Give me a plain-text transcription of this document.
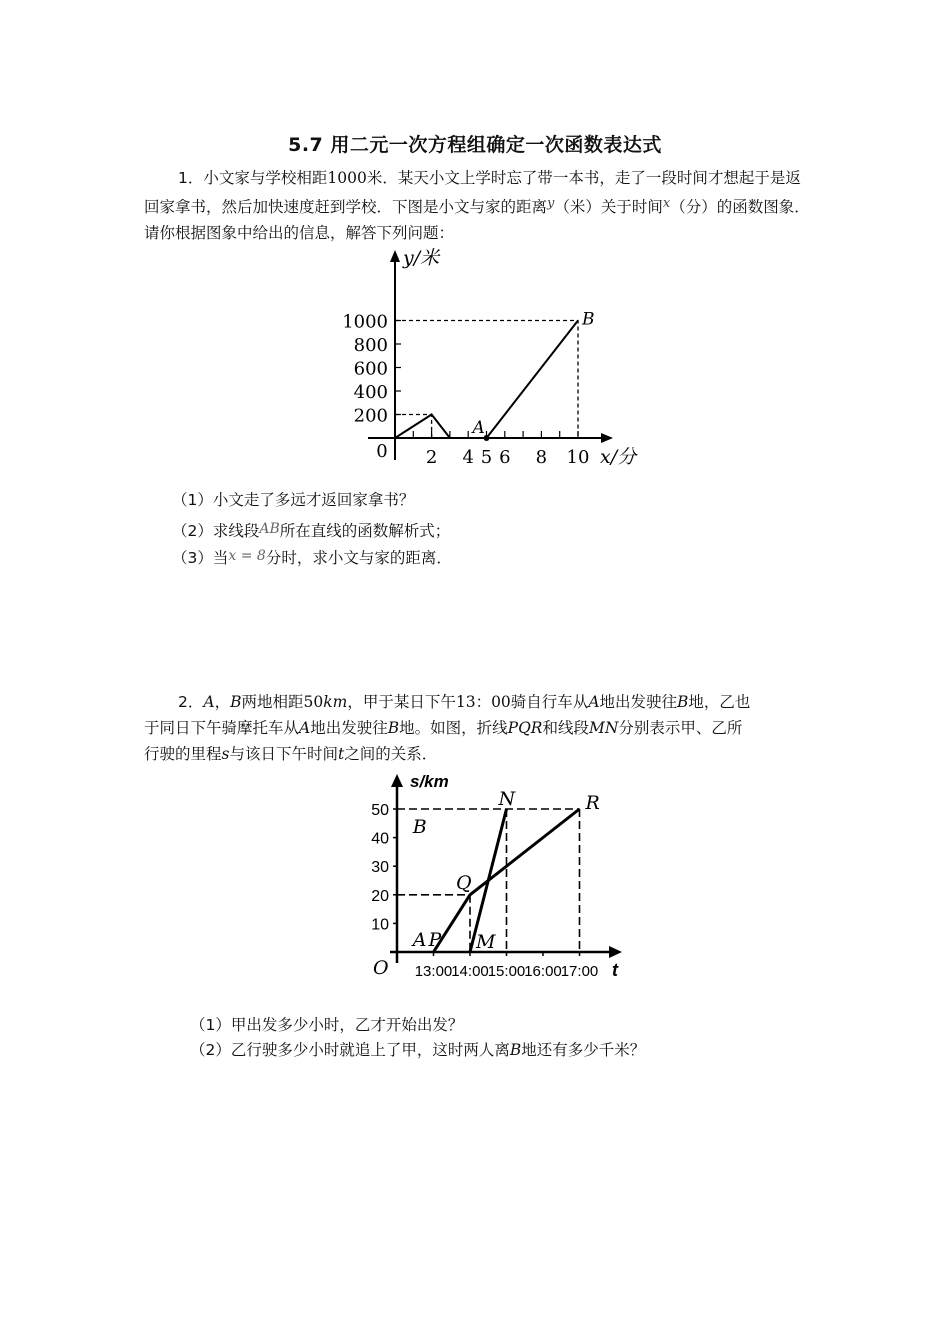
5.7 用二元一次方程组确定一次函数表达式
1．小文家与学校相距1000米．某天小文上学时忘了带一本书，走了一段时间才想起于是返回家拿书，然后加快速度赶到学校．下图是小文与家的距离$^y$（米）关于时间$^x$（分）的函数图象．请你根据图象中给出的信息，解答下列问题：
200
400
600
800
1000
2 4 5 6 8 10
0	x/分
y/米
A
B
（1）小文走了多远才返回家拿书？
（2）求线段AB所在直线的函数解析式；
（3）当x = 8分时，求小文与家的距离．
2．A，B两地相距50km，甲于某日下午13：00骑自行车从A地出发驶往B地，乙也
于同日下午骑摩托车从A地出发驶往B地。如图，折线PQR和线段MN分别表示甲、乙所
行驶的里程s与该日下午时间t之间的关系．
10
20
30
40
50
13:00
14:00
15:00
16:00
17:00
O	t
s/km
A P
Q
M
N	R
B
（1）甲出发多少小时，乙才开始出发？
（2）乙行驶多少小时就追上了甲，这时两人离B地还有多少千米？
